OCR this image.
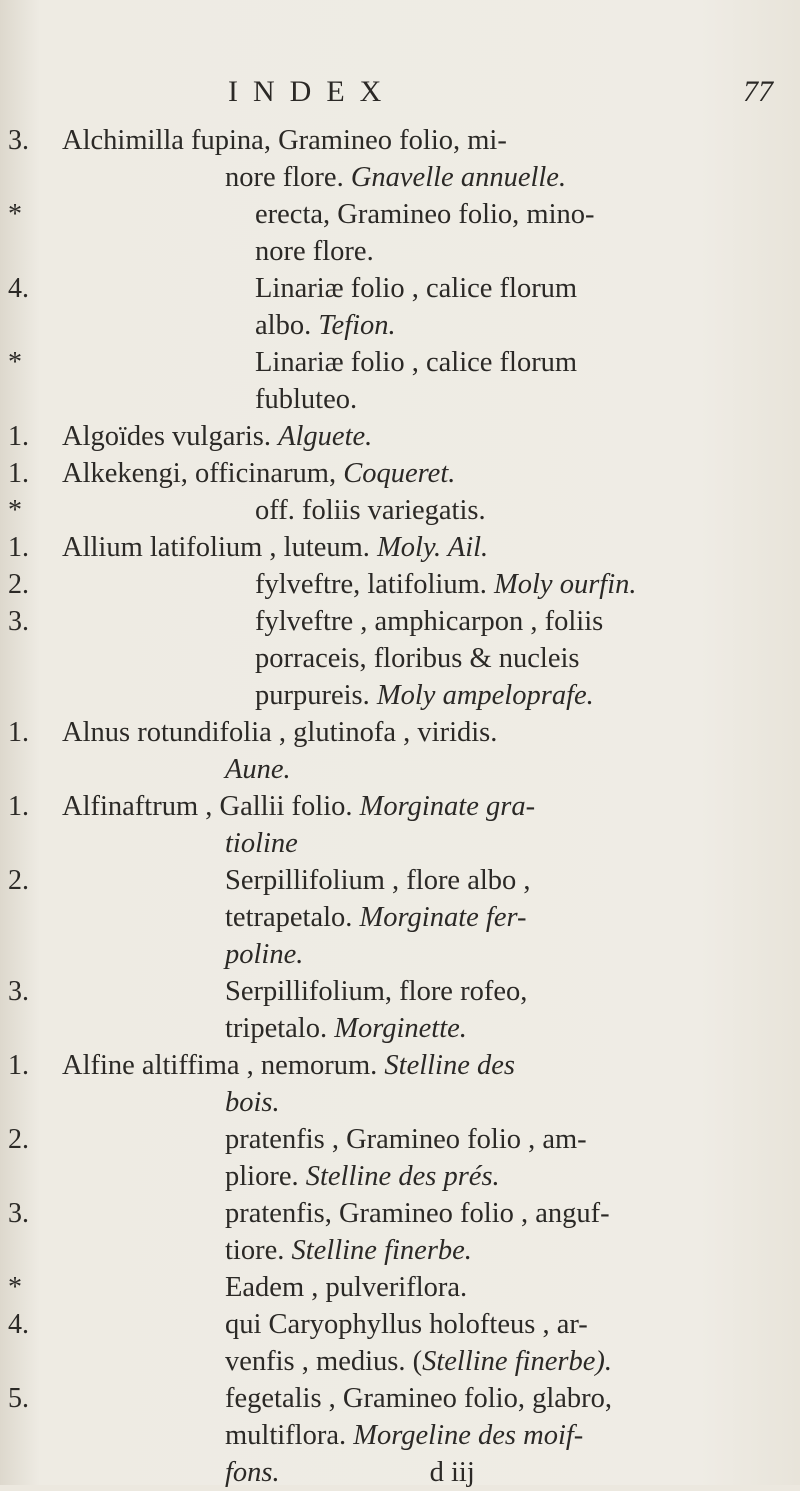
INDEX	77
3.	Alchimilla fupina, Gramineo folio, mi-
nore flore. Gnavelle annuelle.
*	erecta, Gramineo folio, mino-
nore flore.
4.	Linariæ folio , calice florum
albo. Tefion.
*	Linariæ folio , calice florum
fubluteo.
1.	Algoïdes vulgaris. Alguete.
1.	Alkekengi, officinarum, Coqueret.
*	off. foliis variegatis.
1.	Allium latifolium , luteum. Moly. Ail.
2.	fylveftre, latifolium. Moly ourfin.
3.	fylveftre , amphicarpon , foliis
porraceis, floribus & nucleis
purpureis. Moly ampeloprafe.
1.	Alnus rotundifolia , glutinofa , viridis.
Aune.
1.	Alfinaftrum , Gallii folio. Morginate gra-
tioline
2.	Serpillifolium , flore albo ,
tetrapetalo. Morginate fer-
poline.
3.	Serpillifolium, flore rofeo,
tripetalo. Morginette.
1.	Alfine altiffima , nemorum. Stelline des
bois.
2.	pratenfis , Gramineo folio , am-
pliore. Stelline des prés.
3.	pratenfis, Gramineo folio , anguf-
tiore. Stelline finerbe.
*	Eadem , pulveriflora.
4.	qui Caryophyllus holofteus , ar-
venfis , medius. (Stelline finerbe).
5.	fegetalis , Gramineo folio, glabro,
multiflora. Morgeline des moif-
fons.	d iij
